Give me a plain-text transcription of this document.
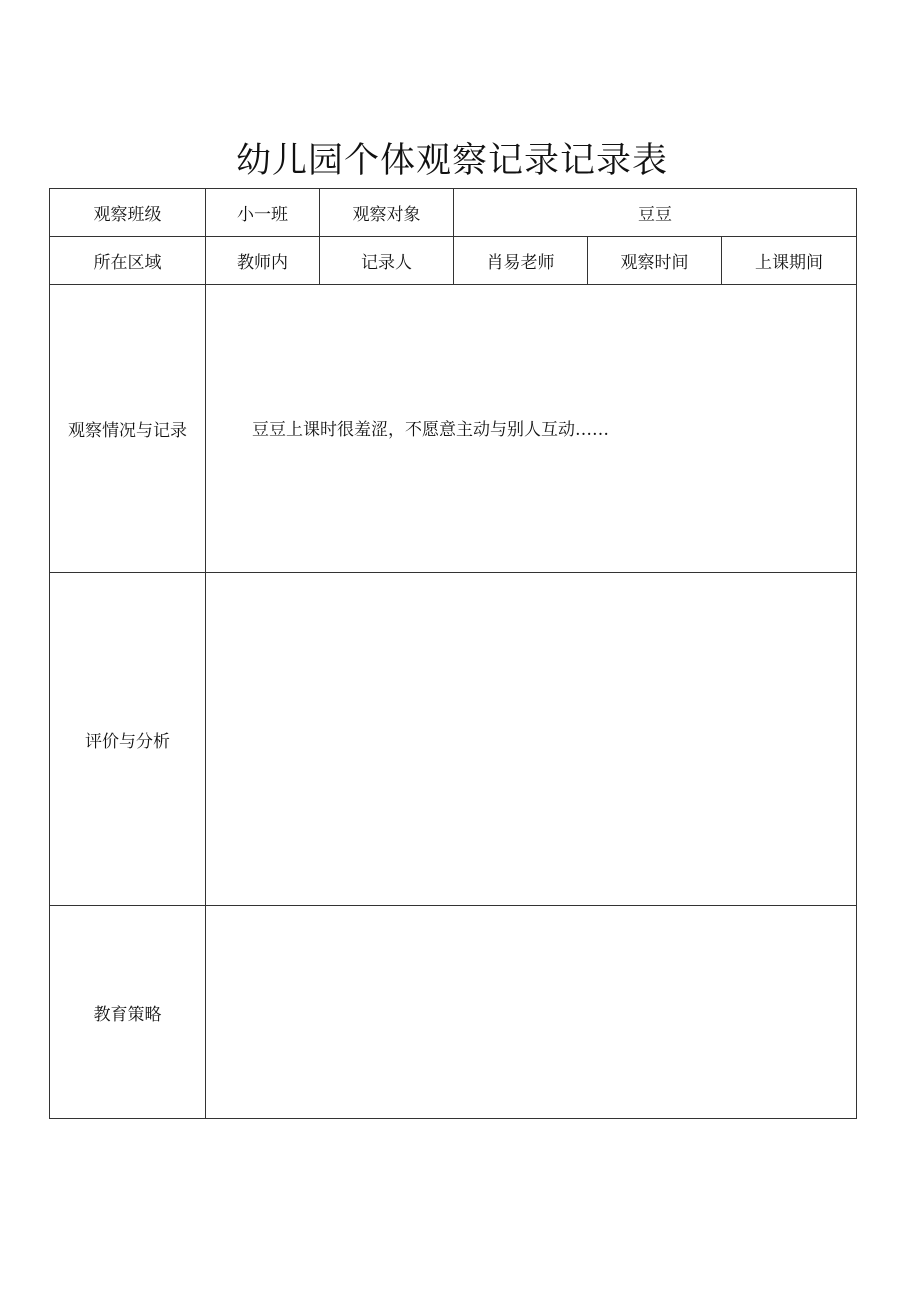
幼儿园个体观察记录记录表
观察班级	小一班	观察对象	豆豆		
所在区域	教师内	记录人	肖易老师	观察时间	上课期间
观察情况与记录	豆豆上课时很羞涩，不愿意主动与别人互动……				
评价与分析					
教育策略					
